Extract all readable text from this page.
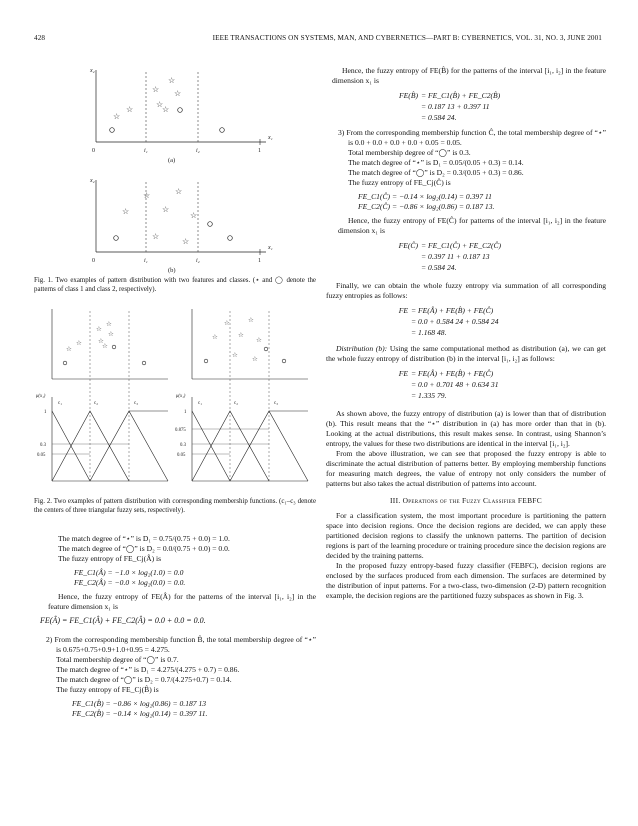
428	IEEE TRANSACTIONS ON SYSTEMS, MAN, AND CYBERNETICS—PART B: CYBERNETICS, VOL. 31, NO. 3, JUNE 2001
x₂
x₁
0	i₁	i₂	1
(a)
☆
☆
☆
☆
☆
☆
☆
x₂
x₁
0	i₁	i₂	1
(b)
☆	☆
☆	☆
☆
☆
☆

Fig. 1. Two examples of pattern distribution with two features and classes. (⋆ and ◯ denote the patterns of class 1 and class 2, respectively).

☆
☆
☆
☆
☆
☆	☆
μ(x₁)
1
0.3
0.05
c₁	c₂	c₃
☆	☆
☆	☆
☆
☆
☆
μ(x₁)
1
0.875
0.3
0.05
c₁	c₂	c₃

Fig. 2. Two examples of pattern distribution with corresponding membership functions. (c₁–c₃ denote the centers of three triangular fuzzy sets, respectively).

The match degree of “⋆” is D₁ = 0.75/(0.75 + 0.0) = 1.0.

The match degree of “◯” is D₂ = 0.0/(0.75 + 0.0) = 0.0.

The fuzzy entropy of FE_Cj(Â) is

FE_C1(Â) = −1.0 × log₂(1.0) = 0.0

FE_C2(Â) = −0.0 × log₂(0.0) = 0.0.

Hence, the fuzzy entropy of FE(Â) for the patterns of the interval [i₁, i₂] in the feature dimension x₁ is

FE(Â) = FE_C1(Â) + FE_C2(Â) = 0.0 + 0.0 = 0.0.

2) From the corresponding membership function B̂, the total membership degree of “⋆” is 0.675+0.75+0.9+1.0+0.95 = 4.275.

Total membership degree of “◯” is 0.7.

The match degree of “⋆” is D₁ = 4.275/(4.275 + 0.7) = 0.86.

The match degree of “◯” is D₂ = 0.7/(4.275+0.7) = 0.14.

The fuzzy entropy of FE_Cj(B̂) is

FE_C1(B̂) = −0.86 × log₂(0.86) = 0.187 13

FE_C2(B̂) = −0.14 × log₂(0.14) = 0.397 11.

Hence, the fuzzy entropy of FE(B̂) for the patterns of the interval [i₁, i₂] in the feature dimension x₁ is

FE(B̂) = FE_C1(B̂) + FE_C2(B̂)
= 0.187 13 + 0.397 11
= 0.584 24.

3) From the corresponding membership function Ĉ, the total membership degree of “⋆” is 0.0 + 0.0 + 0.0 + 0.0 + 0.05 = 0.05.

Total membership degree of “◯” is 0.3.

The match degree of “⋆” is D₁ = 0.05/(0.05 + 0.3) = 0.14.

The match degree of “◯” is D₂ = 0.3/(0.05 + 0.3) = 0.86.

The fuzzy entropy of FE_Cj(Ĉ) is

FE_C1(Ĉ) = −0.14 × log₂(0.14) = 0.397 11

FE_C2(Ĉ) = −0.86 × log₂(0.86) = 0.187 13.

Hence, the fuzzy entropy of FE(Ĉ) for patterns of the interval [i₁, i₂] in the feature dimension x₁ is

FE(Ĉ) = FE_C1(Ĉ) + FE_C2(Ĉ)
= 0.397 11 + 0.187 13
= 0.584 24.

Finally, we can obtain the whole fuzzy entropy via summation of all corresponding fuzzy entropies as follows:

FE = FE(Â) + FE(B̂) + FE(Ĉ)
= 0.0 + 0.584 24 + 0.584 24
= 1.168 48.

Distribution (b): Using the same computational method as distribution (a), we can get the whole fuzzy entropy of distribution (b) in the interval [i₁, i₂] as follows:

FE = FE(Â) + FE(B̂) + FE(Ĉ)
= 0.0 + 0.701 48 + 0.634 31
= 1.335 79.

As shown above, the fuzzy entropy of distribution (a) is lower than that of distribution (b). This result means that the “⋆” distribution in (a) has more order than that in (b). Looking at the actual distributions, this result makes sense. In contrast, using Shannon’s entropy, the values for these two distributions are identical in the interval [i₁, i₂].

From the above illustration, we can see that proposed the fuzzy entropy is able to discriminate the actual distribution of patterns better. By employing membership functions for measuring match degrees, the value of entropy not only considers the number of patterns but also takes the actual distribution of patterns into account.

III. Operations of the Fuzzy Classifier FEBFC

For a classification system, the most important procedure is partitioning the pattern space into decision regions. Once the decision regions are decided, we can apply these partitioned decision regions to classify the unknown patterns. The partition of decision regions is part of the learning procedure or training procedure since the decision regions are decided by the training patterns.

In the proposed fuzzy entropy-based fuzzy classifier (FEBFC), decision regions are enclosed by the surfaces produced from each dimension. The surfaces are determined by the distribution of input patterns. For a two-class, two-dimension (2-D) pattern recognition example, the decision regions are the partitioned fuzzy subspaces as shown in Fig. 3.
